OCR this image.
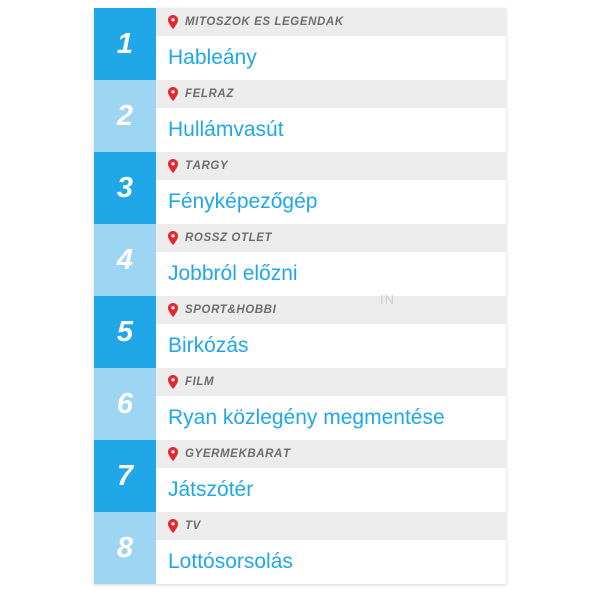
1
MÍTOSZOK ÉS LEGENDÁK
Hableány
2
FELRÁZ
Hullámvasút
3
TÁRGY
Fényképezőgép
4
ROSSZ ÖTLET
Jobbról előzni
5
SPORT&HOBBI
Birkózás
6
FILM
Ryan közlegény megmentése
7
GYERMEKBARÁT
Játszótér
8
TV
Lottósorsolás
IN
